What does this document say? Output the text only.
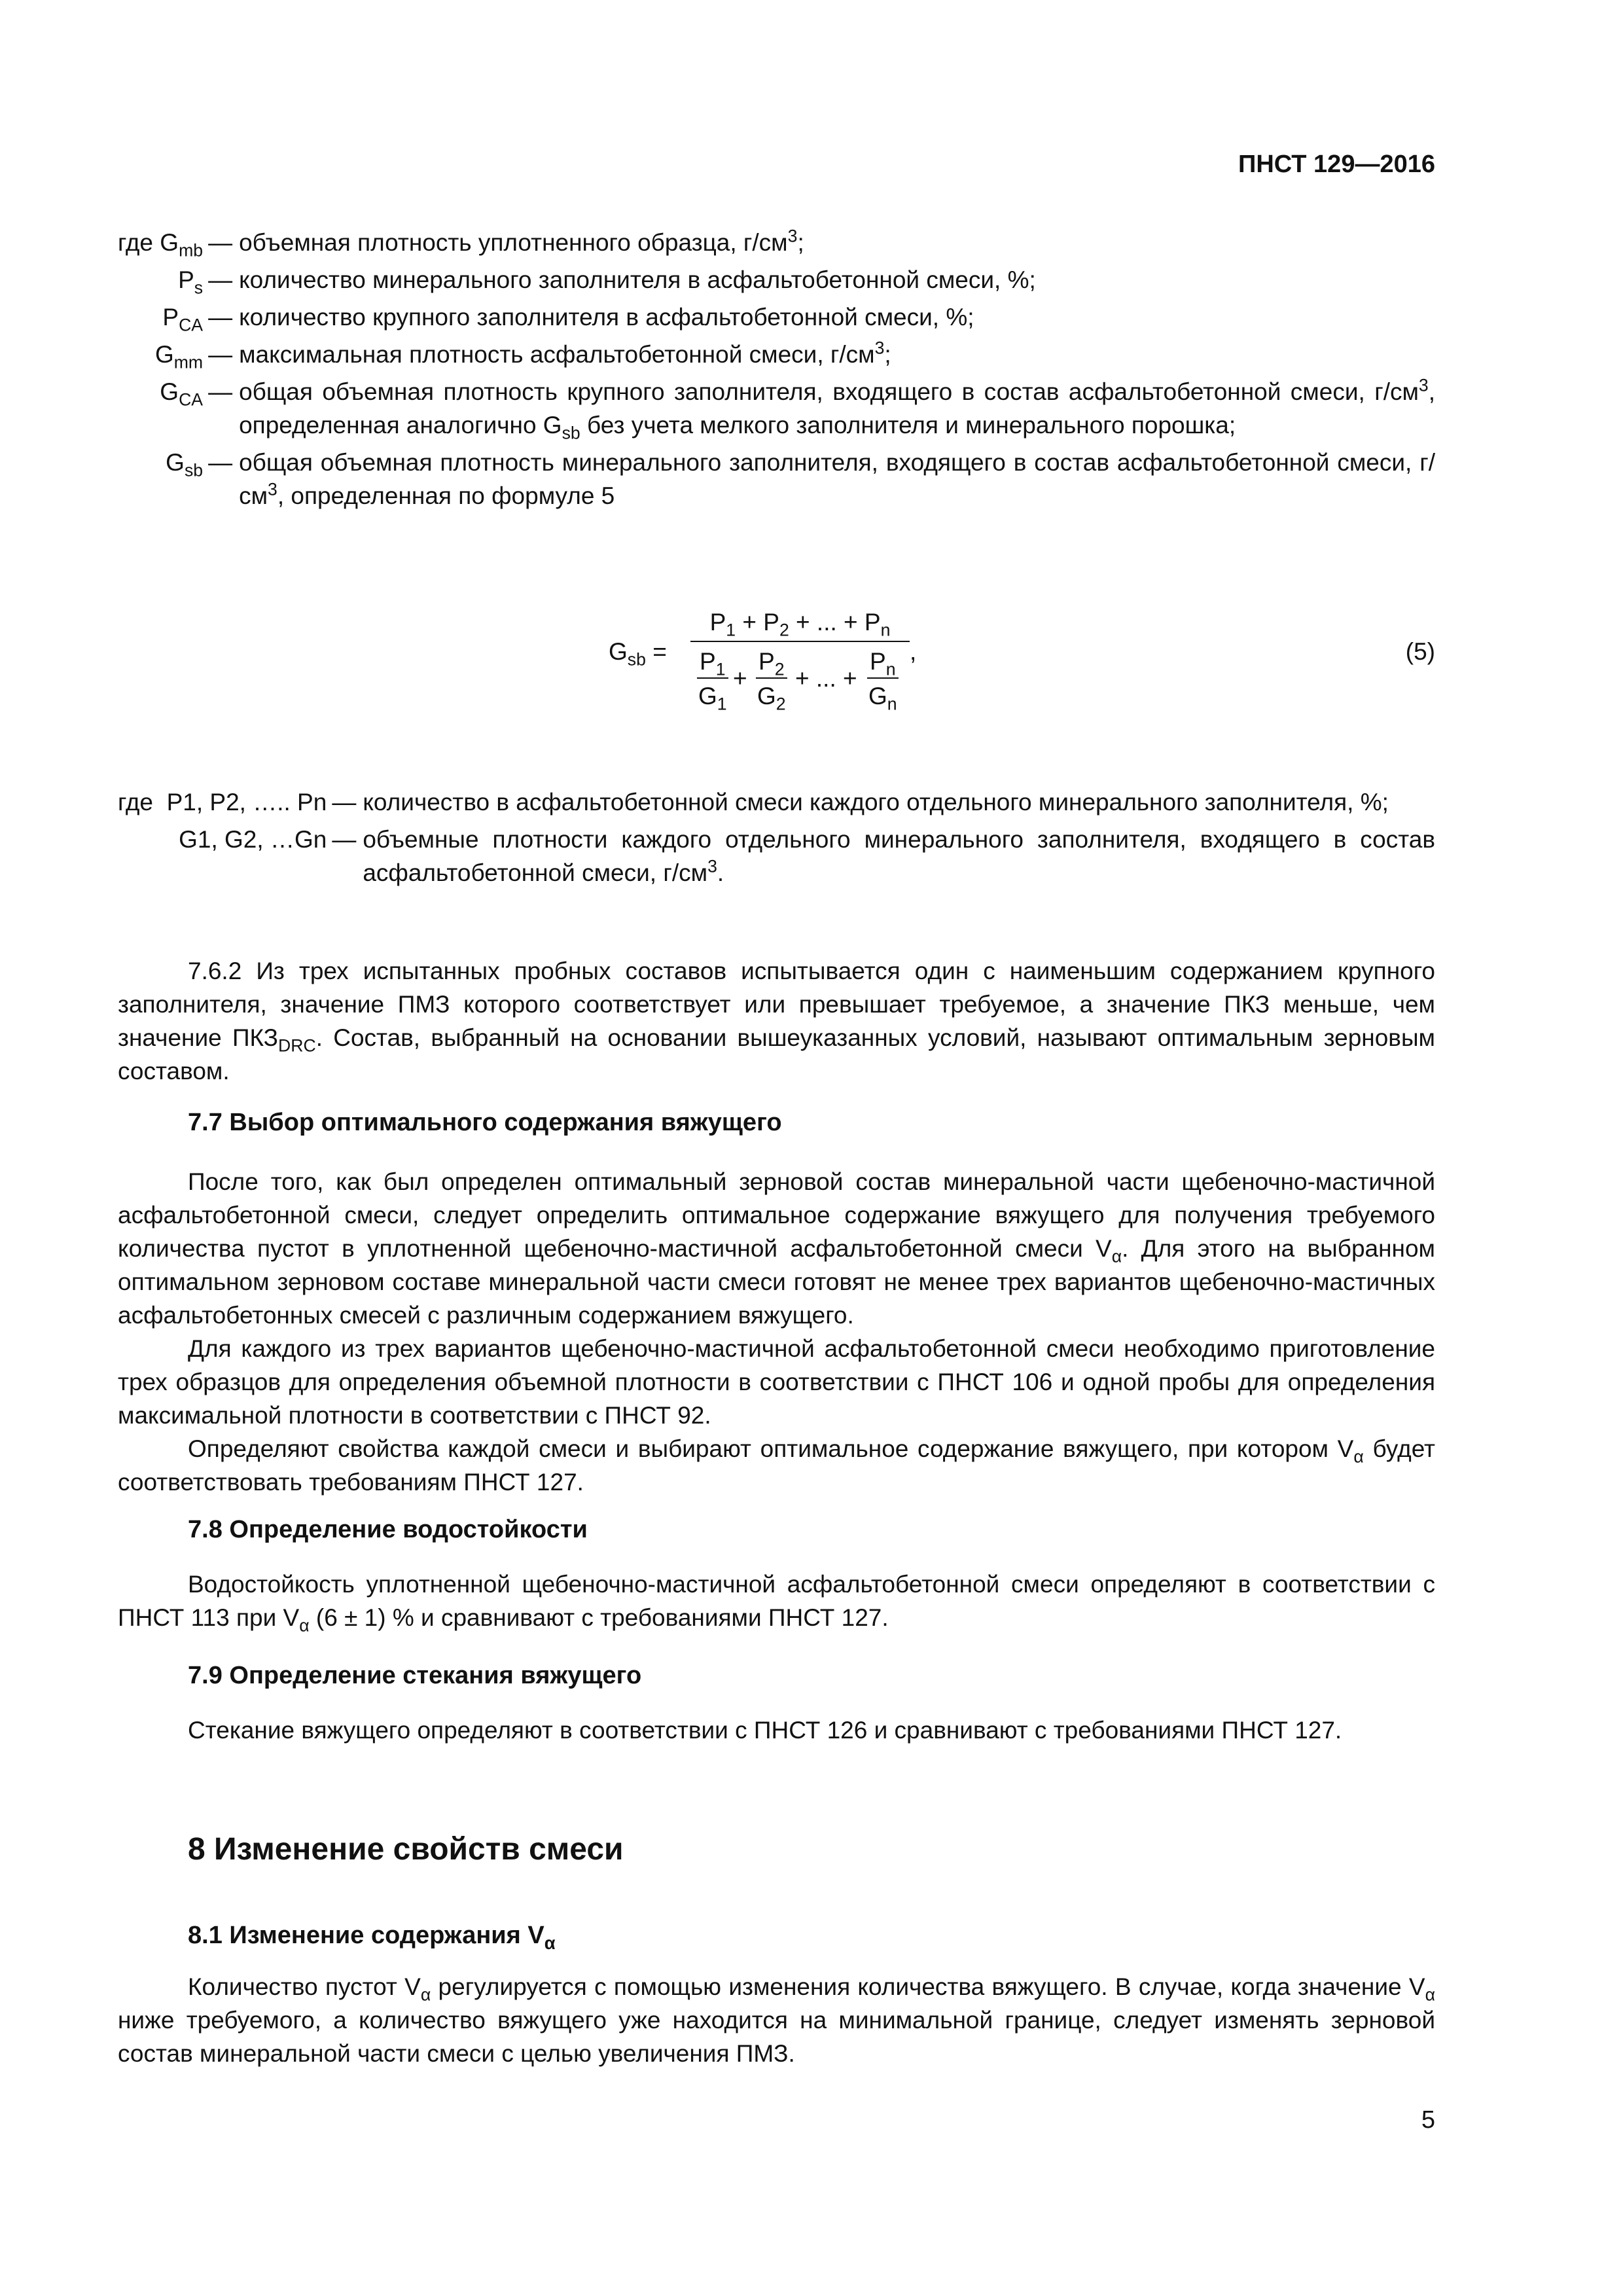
ПНСТ 129—2016
где $G_{mb}$ — объемная плотность уплотненного образца, $г/см^3$;
$P_s$ — количество минерального заполнителя в асфальтобетонной смеси, %;
$P_{CA}$ — количество крупного заполнителя в асфальтобетонной смеси, %;
$G_{mm}$ — максимальная плотность асфальтобетонной смеси, $г/см^3$;
$G_{CA}$ — общая объемная плотность крупного заполнителя, входящего в состав асфальтобетонной смеси, $г/см^3$, определенная аналогично $G_{sb}$ без учета мелкого заполнителя и минерального порошка;
$G_{sb}$ — общая объемная плотность минерального заполнителя, входящего в состав асфальтобетонной смеси, $г/см^3$, определенная по формуле 5
$G_{sb}$ =
$P_1 + P_2$ + ... + $P_n$
$\frac{P_1}{G_1} + \frac{P_2}{G_2}$ + ... + $\frac{P_n}{G_n}$ ,	(5)
где P1, P2, ….. Pn — количество в асфальтобетонной смеси каждого отдельного минерального заполнителя, %;
G1, G2, …Gn — объемные плотности каждого отдельного минерального заполнителя, входящего в состав асфальтобетонной смеси, $г/см^3$.
7.6.2 Из трех испытанных пробных составов испытывается один с наименьшим содержанием крупного заполнителя, значение ПМЗ которого соответствует или превышает требуемое, а значение ПКЗ меньше, чем значение $ПКЗ_{DRC}$. Состав, выбранный на основании вышеуказанных условий, называют оптимальным зерновым составом.
7.7 Выбор оптимального содержания вяжущего

После того, как был определен оптимальный зерновой состав минеральной части щебеночно-мастичной асфальтобетонной смеси, следует определить оптимальное содержание вяжущего для получения требуемого количества пустот в уплотненной щебеночно-мастичной асфальтобетонной смеси $V_\alpha$. Для этого на выбранном оптимальном зерновом составе минеральной части смеси готовят не менее трех вариантов щебеночно-мастичных асфальтобетонных смесей с различным содержанием вяжущего.

Для каждого из трех вариантов щебеночно-мастичной асфальтобетонной смеси необходимо приготовление трех образцов для определения объемной плотности в соответствии с ПНСТ 106 и одной пробы для определения максимальной плотности в соответствии с ПНСТ 92.

Определяют свойства каждой смеси и выбирают оптимальное содержание вяжущего, при котором $V_\alpha$ будет соответствовать требованиям ПНСТ 127.

7.8 Определение водостойкости

Водостойкость уплотненной щебеночно-мастичной асфальтобетонной смеси определяют в соответствии с ПНСТ 113 при $V_\alpha$ (6 ± 1) % и сравнивают с требованиями ПНСТ 127.

7.9 Определение стекания вяжущего

Стекание вяжущего определяют в соответствии с ПНСТ 126 и сравнивают с требованиями ПНСТ 127.

8 Изменение свойств смеси
8.1 Изменение содержания $V_\alpha$

Количество пустот $V_\alpha$ регулируется с помощью изменения количества вяжущего. В случае, когда значение $V_\alpha$ ниже требуемого, а количество вяжущего уже находится на минимальной границе, следует изменять зерновой состав минеральной части смеси с целью увеличения ПМЗ.

5
